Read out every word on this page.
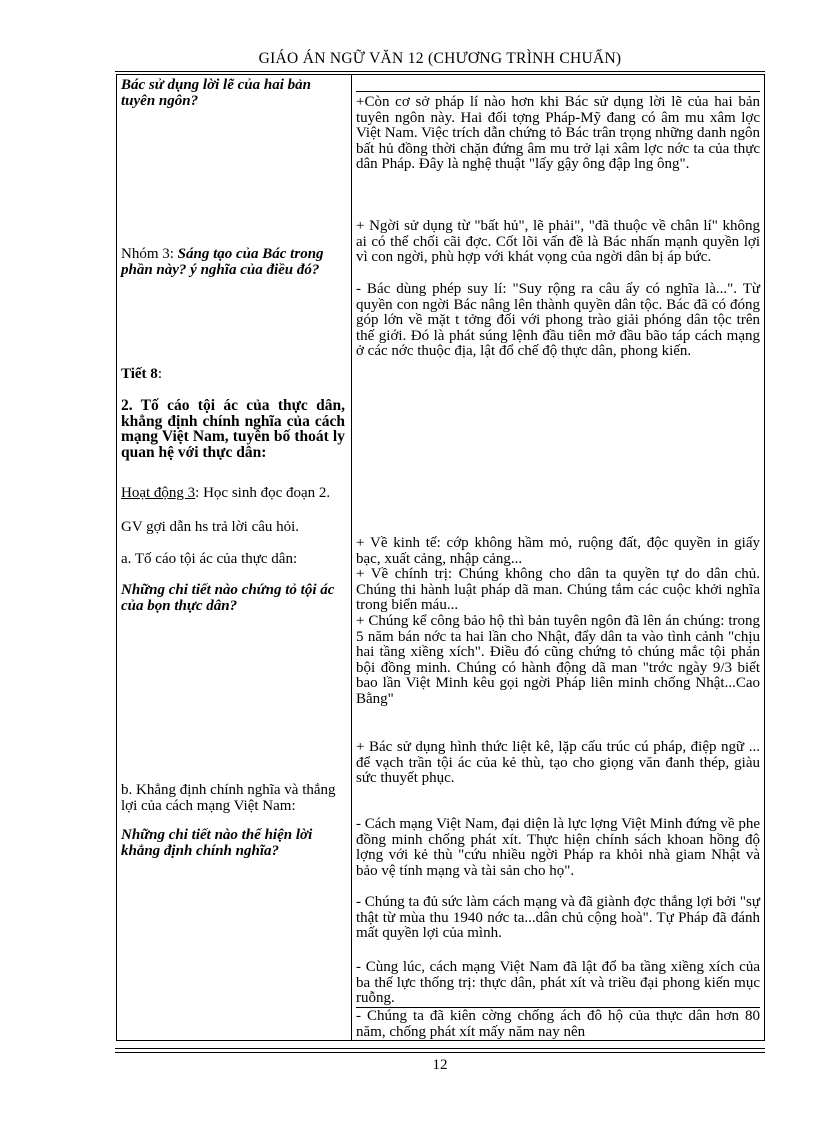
GIÁO ÁN NGỮ VĂN 12 (CHƯƠNG TRÌNH CHUẨN)
Bác sử dụng lời lẽ của hai bản tuyên ngôn?
Nhóm 3: Sáng tạo của Bác trong phần này? ý nghĩa của điều đó?
Tiết 8:
2. Tố cáo tội ác của thực dân, khẳng định chính nghĩa của cách mạng Việt Nam, tuyên bố thoát ly quan hệ với thực dân:
Hoạt động 3: Học sinh đọc đoạn 2.
GV gợi dẫn hs trả lời câu hỏi.
a. Tố cáo tội ác của thực dân:
Những chi tiết nào chứng tỏ tội ác của bọn thực dân?
b. Khẳng định chính nghĩa và thắng lợi của cách mạng Việt Nam:
Những chi tiết nào thể hiện lời khẳng định chính nghĩa?
+Còn cơ sở pháp lí nào hơn khi Bác sử dụng lời lẽ của hai bản tuyên ngôn này. Hai đối tợng Pháp-Mỹ đang có âm mu xâm lợc Việt Nam. Việc trích dẫn chứng tỏ Bác trân trọng những danh ngôn bất hủ đồng thời chặn đứng âm mu trở lại xâm lợc nớc ta của thực dân Pháp. Đây là nghệ thuật "lấy gậy ông đập lng ông".
+ Ngời sử dụng từ "bất hủ", lẽ phải", "đã thuộc về chân lí" không ai có thể chối cãi đợc. Cốt lõi vấn đề là Bác nhấn mạnh quyền lợi vì con ngời, phù hợp với khát vọng của ngời dân bị áp bức.
- Bác dùng phép suy lí: "Suy rộng ra câu ấy có nghĩa là...". Từ quyền con ngời Bác nâng lên thành quyền dân tộc. Bác đã có đóng góp lớn về mặt t tởng đối với phong trào giải phóng dân tộc trên thế giới. Đó là phát súng lệnh đầu tiên mở đầu bão táp cách mạng ở các nớc thuộc địa, lật đổ chế độ thực dân, phong kiến.
+ Về kinh tế: cớp không hầm mỏ, ruộng đất, độc quyền in giấy bạc, xuất cảng, nhập cảng...
+ Về chính trị: Chúng không cho dân ta quyền tự do dân chủ. Chúng thi hành luật pháp dã man. Chúng tắm các cuộc khởi nghĩa trong biển máu...
+ Chúng kể công bảo hộ thì bản tuyên ngôn đã lên án chúng: trong 5 năm bán nớc ta hai lần cho Nhật, đẩy dân ta vào tình cảnh "chịu hai tầng xiềng xích". Điều đó cũng chứng tỏ chúng mắc tội phản bội đồng minh. Chúng có hành động dã man "trớc ngày 9/3 biết bao lần Việt Minh kêu gọi ngời Pháp liên minh chống Nhật...Cao Bằng"
+ Bác sử dụng hình thức liệt kê, lặp cấu trúc cú pháp, điệp ngữ ... để vạch trần tội ác của kẻ thù, tạo cho giọng văn đanh thép, giàu sức thuyết phục.
- Cách mạng Việt Nam, đại diện là lực lợng Việt Minh đứng về phe đồng minh chống phát xít. Thực hiện chính sách khoan hồng độ lợng với kẻ thù "cứu nhiều ngời Pháp ra khỏi nhà giam Nhật và bảo vệ tính mạng và tài sản cho họ".
- Chúng ta đủ sức làm cách mạng và đã giành đợc thắng lợi bởi "sự thật từ mùa thu 1940 nớc ta...dân chủ cộng hoà". Tự Pháp đã đánh mất quyền lợi của mình.
- Cùng lúc, cách mạng Việt Nam đã lật đổ ba tầng xiềng xích của ba thế lực thống trị: thực dân, phát xít và triều đại phong kiến mục ruỗng.
- Chúng ta đã kiên cờng chống ách đô hộ của thực dân hơn 80 năm, chống phát xít mấy năm nay nên
12
